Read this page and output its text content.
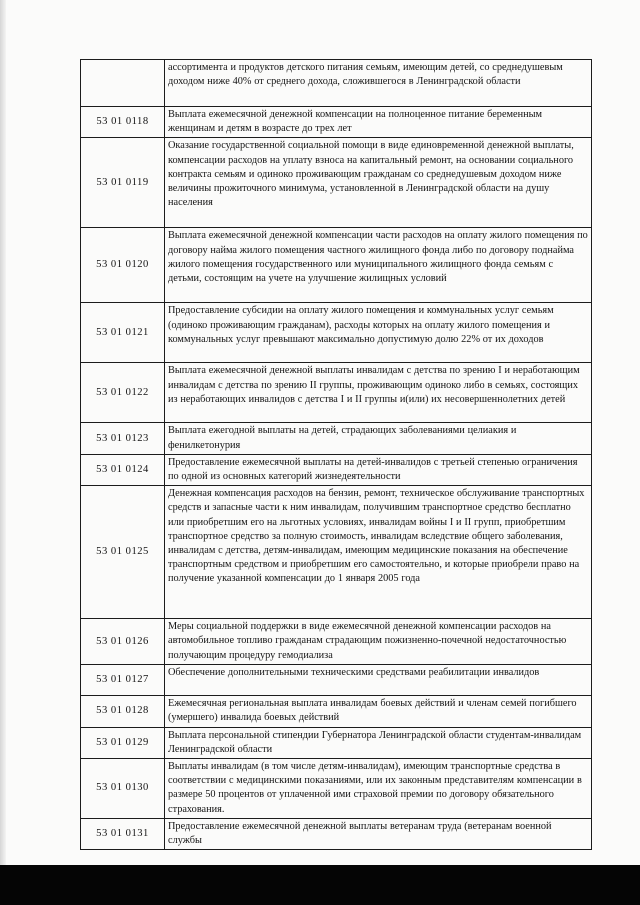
	ассортимента и продуктов детского питания семьям, имеющим детей, со среднедушевым доходом ниже 40% от среднего дохода, сложившегося в Ленинградской области
53 01 0118	Выплата ежемесячной денежной компенсации на полноценное питание беременным женщинам и детям в возрасте до трех лет
53 01 0119	Оказание государственной социальной помощи в виде единовременной денежной выплаты, компенсации расходов на уплату взноса на капитальный ремонт, на основании социального контракта семьям и одиноко проживающим гражданам со среднедушевым доходом ниже величины прожиточного минимума, установленной в Ленинградской области на душу населения
53 01 0120	Выплата ежемесячной денежной компенсации части расходов на оплату жилого помещения по договору найма жилого помещения частного жилищного фонда либо по договору поднайма жилого помещения государственного или муниципального жилищного фонда семьям с детьми, состоящим на учете на улучшение жилищных условий
53 01 0121	Предоставление субсидии на оплату жилого помещения и коммунальных услуг семьям (одиноко проживающим гражданам), расходы которых на оплату жилого помещения и коммунальных услуг превышают максимально допустимую долю 22% от их доходов
53 01 0122	Выплата ежемесячной денежной выплаты инвалидам с детства по зрению I и неработающим инвалидам с детства по зрению II группы, проживающим одиноко либо в семьях, состоящих из неработающих инвалидов с детства I и II группы и(или) их несовершеннолетних детей
53 01 0123	Выплата ежегодной выплаты на детей, страдающих заболеваниями целиакия и фенилкетонурия
53 01 0124	Предоставление ежемесячной выплаты на детей-инвалидов с третьей степенью ограничения по одной из основных категорий жизнедеятельности
53 01 0125	Денежная компенсация расходов на бензин, ремонт, техническое обслуживание транспортных средств и запасные части к ним инвалидам, получившим транспортное средство бесплатно или приобретшим его на льготных условиях, инвалидам войны I и II групп, приобретшим транспортное средство за полную стоимость, инвалидам вследствие общего заболевания, инвалидам с детства, детям-инвалидам, имеющим медицинские показания на обеспечение транспортным средством и приобретшим его самостоятельно, и которые приобрели право на получение указанной компенсации до 1 января 2005 года
53 01 0126	Меры социальной поддержки в виде ежемесячной денежной компенсации расходов на автомобильное топливо гражданам страдающим пожизненно-почечной недостаточностью получающим процедуру гемодиализа
53 01 0127	Обеспечение дополнительными техническими средствами реабилитации инвалидов
53 01 0128	Ежемесячная региональная выплата инвалидам боевых действий и членам семей погибшего (умершего) инвалида боевых действий
53 01 0129	Выплата персональной стипендии Губернатора Ленинградской области студентам-инвалидам Ленинградской области
53 01 0130	Выплаты инвалидам (в том числе детям-инвалидам), имеющим транспортные средства в соответствии с медицинскими показаниями, или их законным представителям компенсации в размере 50 процентов от уплаченной ими страховой премии по договору обязательного страхования.
53 01 0131	Предоставление ежемесячной денежной выплаты ветеранам труда (ветеранам военной службы
